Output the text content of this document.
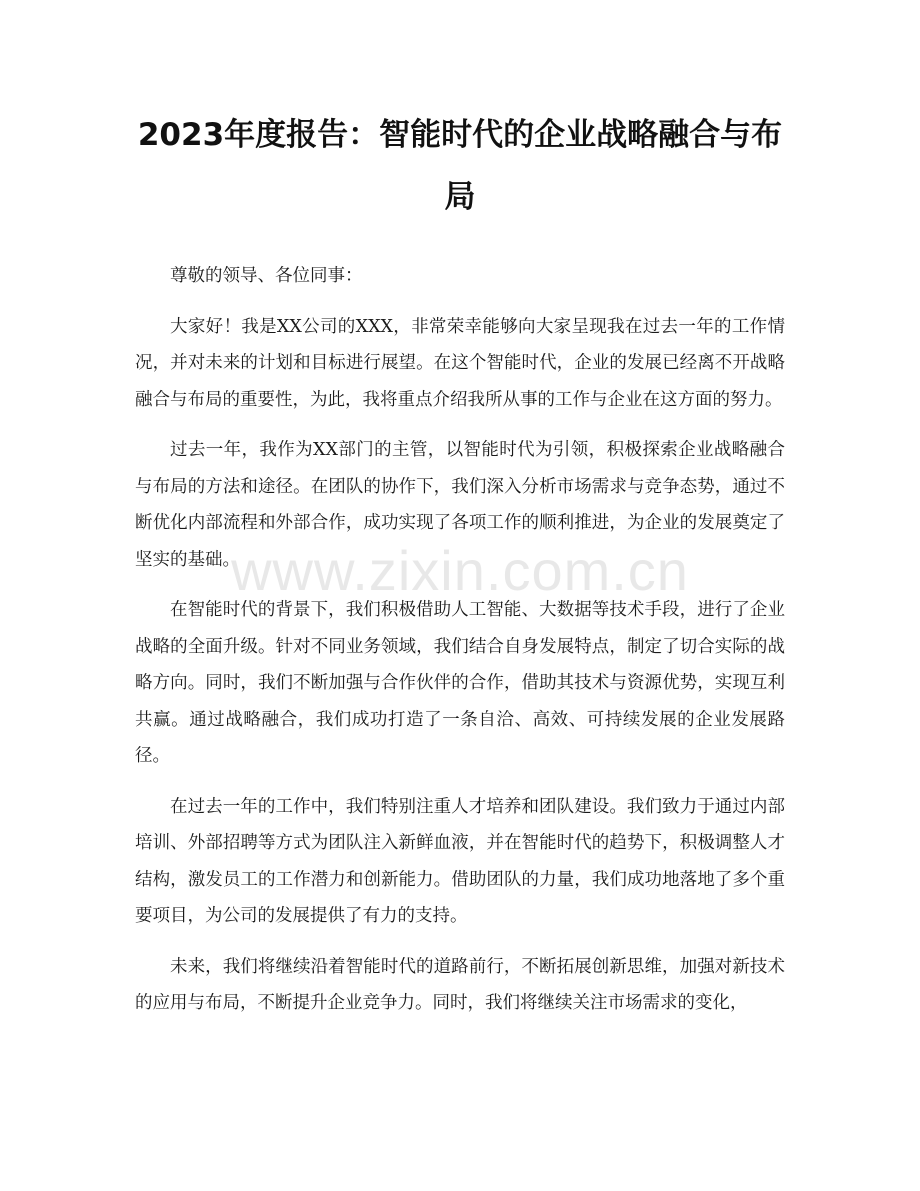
2023年度报告：智能时代的企业战略融合与布局

尊敬的领导、各位同事：

大家好！我是XX公司的XXX，非常荣幸能够向大家呈现我在过去一年的工作情况，并对未来的计划和目标进行展望。在这个智能时代，企业的发展已经离不开战略融合与布局的重要性，为此，我将重点介绍我所从事的工作与企业在这方面的努力。

过去一年，我作为XX部门的主管，以智能时代为引领，积极探索企业战略融合与布局的方法和途径。在团队的协作下，我们深入分析市场需求与竞争态势，通过不断优化内部流程和外部合作，成功实现了各项工作的顺利推进，为企业的发展奠定了坚实的基础。

在智能时代的背景下，我们积极借助人工智能、大数据等技术手段，进行了企业战略的全面升级。针对不同业务领域，我们结合自身发展特点，制定了切合实际的战略方向。同时，我们不断加强与合作伙伴的合作，借助其技术与资源优势，实现互利共赢。通过战略融合，我们成功打造了一条自洽、高效、可持续发展的企业发展路径。

在过去一年的工作中，我们特别注重人才培养和团队建设。我们致力于通过内部培训、外部招聘等方式为团队注入新鲜血液，并在智能时代的趋势下，积极调整人才结构，激发员工的工作潜力和创新能力。借助团队的力量，我们成功地落地了多个重要项目，为公司的发展提供了有力的支持。

未来，我们将继续沿着智能时代的道路前行，不断拓展创新思维，加强对新技术的应用与布局，不断提升企业竞争力。同时，我们将继续关注市场需求的变化，

www.zixin.com.cn
